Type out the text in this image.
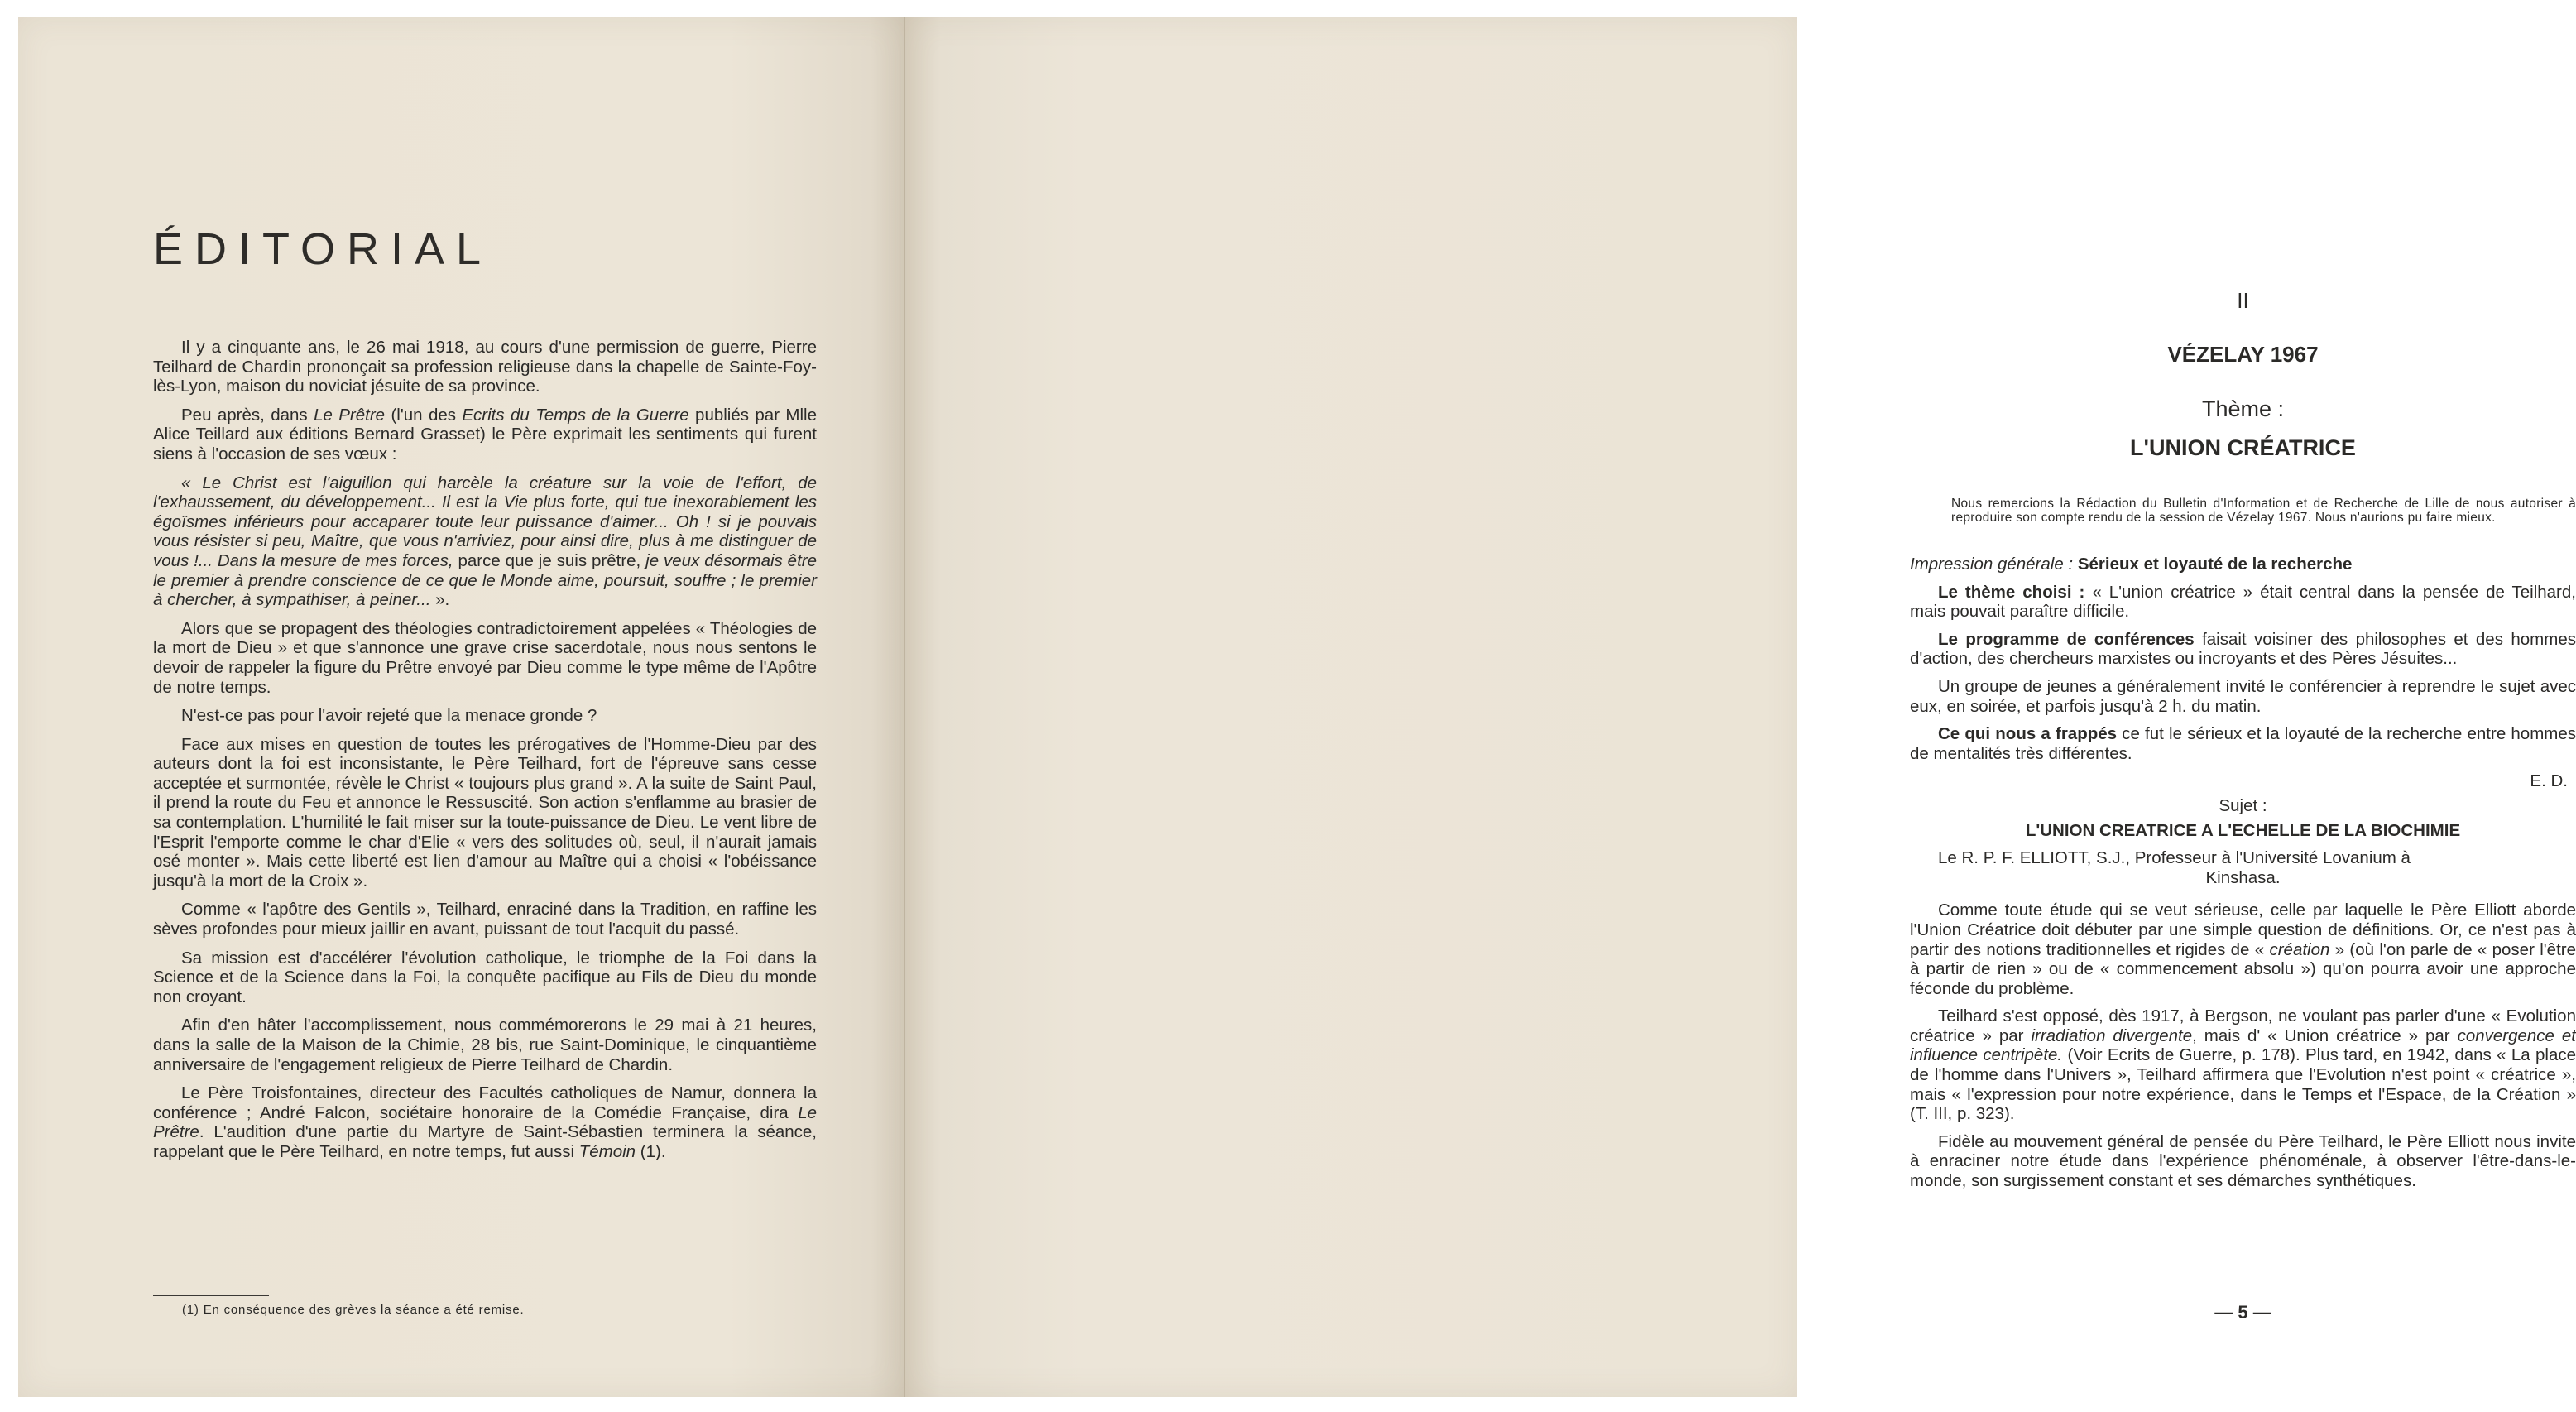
ÉDITORIAL

Il y a cinquante ans, le 26 mai 1918, au cours d'une permission de guerre, Pierre Teilhard de Chardin prononçait sa profession religieuse dans la chapelle de Sainte-Foy-lès-Lyon, maison du noviciat jésuite de sa province.

Peu après, dans Le Prêtre (l'un des Ecrits du Temps de la Guerre publiés par Mlle Alice Teillard aux éditions Bernard Grasset) le Père exprimait les sentiments qui furent siens à l'occasion de ses vœux :

« Le Christ est l'aiguillon qui harcèle la créature sur la voie de l'effort, de l'exhaussement, du développement... Il est la Vie plus forte, qui tue inexorablement les égoïsmes inférieurs pour accaparer toute leur puissance d'aimer... Oh ! si je pouvais vous résister si peu, Maître, que vous n'arriviez, pour ainsi dire, plus à me distinguer de vous !... Dans la mesure de mes forces, parce que je suis prêtre, je veux désormais être le premier à prendre conscience de ce que le Monde aime, poursuit, souffre ; le premier à chercher, à sympathiser, à peiner... ».

Alors que se propagent des théologies contradictoirement appelées « Théologies de la mort de Dieu » et que s'annonce une grave crise sacerdotale, nous nous sentons le devoir de rappeler la figure du Prêtre envoyé par Dieu comme le type même de l'Apôtre de notre temps.

N'est-ce pas pour l'avoir rejeté que la menace gronde ?

Face aux mises en question de toutes les prérogatives de l'Homme-Dieu par des auteurs dont la foi est inconsistante, le Père Teilhard, fort de l'épreuve sans cesse acceptée et surmontée, révèle le Christ « toujours plus grand ». A la suite de Saint Paul, il prend la route du Feu et annonce le Ressuscité. Son action s'enflamme au brasier de sa contemplation. L'humilité le fait miser sur la toute-puissance de Dieu. Le vent libre de l'Esprit l'emporte comme le char d'Elie « vers des solitudes où, seul, il n'aurait jamais osé monter ». Mais cette liberté est lien d'amour au Maître qui a choisi « l'obéissance jusqu'à la mort de la Croix ».

Comme « l'apôtre des Gentils », Teilhard, enraciné dans la Tradition, en raffine les sèves profondes pour mieux jaillir en avant, puissant de tout l'acquit du passé.

Sa mission est d'accélérer l'évolution catholique, le triomphe de la Foi dans la Science et de la Science dans la Foi, la conquête pacifique au Fils de Dieu du monde non croyant.

Afin d'en hâter l'accomplissement, nous commémorerons le 29 mai à 21 heures, dans la salle de la Maison de la Chimie, 28 bis, rue Saint-Dominique, le cinquantième anniversaire de l'engagement religieux de Pierre Teilhard de Chardin.

Le Père Troisfontaines, directeur des Facultés catholiques de Namur, donnera la conférence ; André Falcon, sociétaire honoraire de la Comédie Française, dira Le Prêtre. L'audition d'une partie du Martyre de Saint-Sébastien terminera la séance, rappelant que le Père Teilhard, en notre temps, fut aussi Témoin (1).

(1) En conséquence des grèves la séance a été remise.
II
VÉZELAY 1967
Thème :
L'UNION CRÉATRICE
Nous remercions la Rédaction du Bulletin d'Information et de Recherche de Lille de nous autoriser à reproduire son compte rendu de la session de Vézelay 1967. Nous n'aurions pu faire mieux.

Impression générale : Sérieux et loyauté de la recherche

Le thème choisi : « L'union créatrice » était central dans la pensée de Teilhard, mais pouvait paraître difficile.

Le programme de conférences faisait voisiner des philosophes et des hommes d'action, des chercheurs marxistes ou incroyants et des Pères Jésuites...

Un groupe de jeunes a généralement invité le conférencier à reprendre le sujet avec eux, en soirée, et parfois jusqu'à 2 h. du matin.

Ce qui nous a frappés ce fut le sérieux et la loyauté de la recherche entre hommes de mentalités très différentes.

E. D.

Sujet :

L'UNION CREATRICE A L'ECHELLE DE LA BIOCHIMIE

Le R. P. F. ELLIOTT, S.J., Professeur à l'Université Lovanium à
Kinshasa.

Comme toute étude qui se veut sérieuse, celle par laquelle le Père Elliott aborde l'Union Créatrice doit débuter par une simple question de définitions. Or, ce n'est pas à partir des notions traditionnelles et rigides de « création » (où l'on parle de « poser l'être à partir de rien » ou de « commencement absolu ») qu'on pourra avoir une approche féconde du problème.

Teilhard s'est opposé, dès 1917, à Bergson, ne voulant pas parler d'une « Evolution créatrice » par irradiation divergente, mais d' « Union créatrice » par convergence et influence centripète. (Voir Ecrits de Guerre, p. 178). Plus tard, en 1942, dans « La place de l'homme dans l'Univers », Teilhard affirmera que l'Evolution n'est point « créatrice », mais « l'expression pour notre expérience, dans le Temps et l'Espace, de la Création » (T. III, p. 323).

Fidèle au mouvement général de pensée du Père Teilhard, le Père Elliott nous invite à enraciner notre étude dans l'expérience phénoménale, à observer l'être-dans-le-monde, son surgissement constant et ses démarches synthétiques.

— 5 —
